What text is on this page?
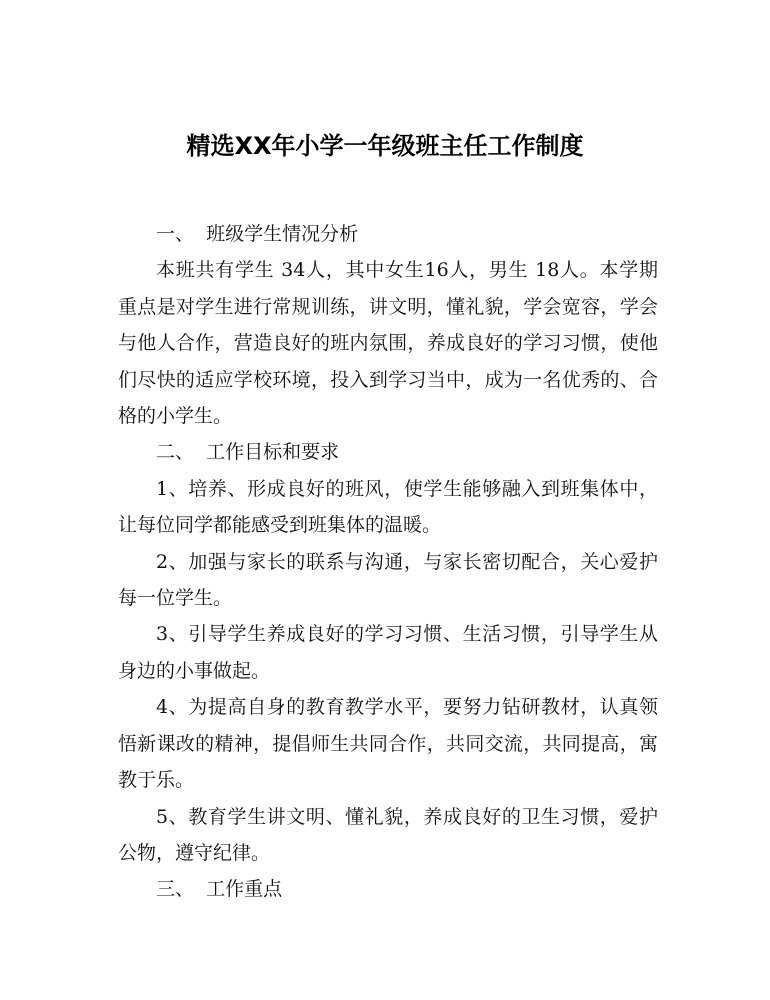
精选XX年小学一年级班主任工作制度

一、  班级学生情况分析

本班共有学生 34人，其中女生16人，男生 18人。本学期重点是对学生进行常规训练，讲文明，懂礼貌，学会宽容，学会与他人合作，营造良好的班内氛围，养成良好的学习习惯，使他们尽快的适应学校环境，投入到学习当中，成为一名优秀的、合格的小学生。

二、  工作目标和要求

1、培养、形成良好的班风，使学生能够融入到班集体中，让每位同学都能感受到班集体的温暖。

2、加强与家长的联系与沟通，与家长密切配合，关心爱护每一位学生。

3、引导学生养成良好的学习习惯、生活习惯，引导学生从身边的小事做起。

4、为提高自身的教育教学水平，要努力钻研教材，认真领悟新课改的精神，提倡师生共同合作，共同交流，共同提高，寓教于乐。

5、教育学生讲文明、懂礼貌，养成良好的卫生习惯，爱护公物，遵守纪律。

三、  工作重点
